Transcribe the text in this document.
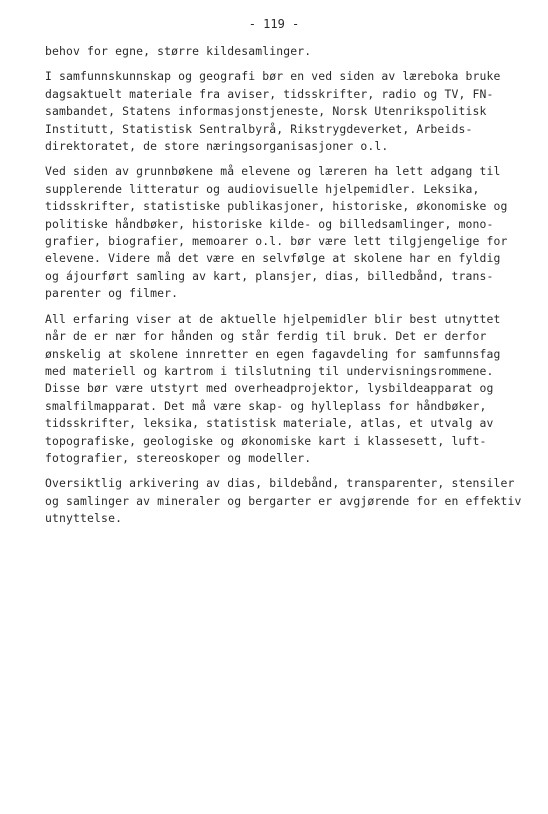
- 119 -
behov for egne, større kildesamlinger.
I samfunnskunnskap og geografi bør en ved siden av læreboka bruke
dagsaktuelt materiale fra aviser, tidsskrifter, radio og TV, FN-
sambandet, Statens informasjonstjeneste, Norsk Utenrikspolitisk
Institutt, Statistisk Sentralbyrå, Rikstrygdeverket, Arbeids-
direktoratet, de store næringsorganisasjoner o.l.
Ved siden av grunnbøkene må elevene og læreren ha lett adgang til
supplerende litteratur og audiovisuelle hjelpemidler. Leksika,
tidsskrifter, statistiske publikasjoner, historiske, økonomiske og
politiske håndbøker, historiske kilde- og billedsamlinger, mono-
grafier, biografier, memoarer o.l. bør være lett tilgjengelige for
elevene. Videre må det være en selvfølge at skolene har en fyldig
og ájourført samling av kart, plansjer, dias, billedbånd, trans-
parenter og filmer.
All erfaring viser at de aktuelle hjelpemidler blir best utnyttet
når de er nær for hånden og står ferdig til bruk. Det er derfor
ønskelig at skolene innretter en egen fagavdeling for samfunnsfag
med materiell og kartrom i tilslutning til undervisningsrommene.
Disse bør være utstyrt med overheadprojektor, lysbildeapparat og
smalfilmapparat. Det må være skap- og hylleplass for håndbøker,
tidsskrifter, leksika, statistisk materiale, atlas, et utvalg av
topografiske, geologiske og økonomiske kart i klassesett, luft-
fotografier, stereoskoper og modeller.
Oversiktlig arkivering av dias, bildebånd, transparenter, stensiler
og samlinger av mineraler og bergarter er avgjørende for en effektiv
utnyttelse.
